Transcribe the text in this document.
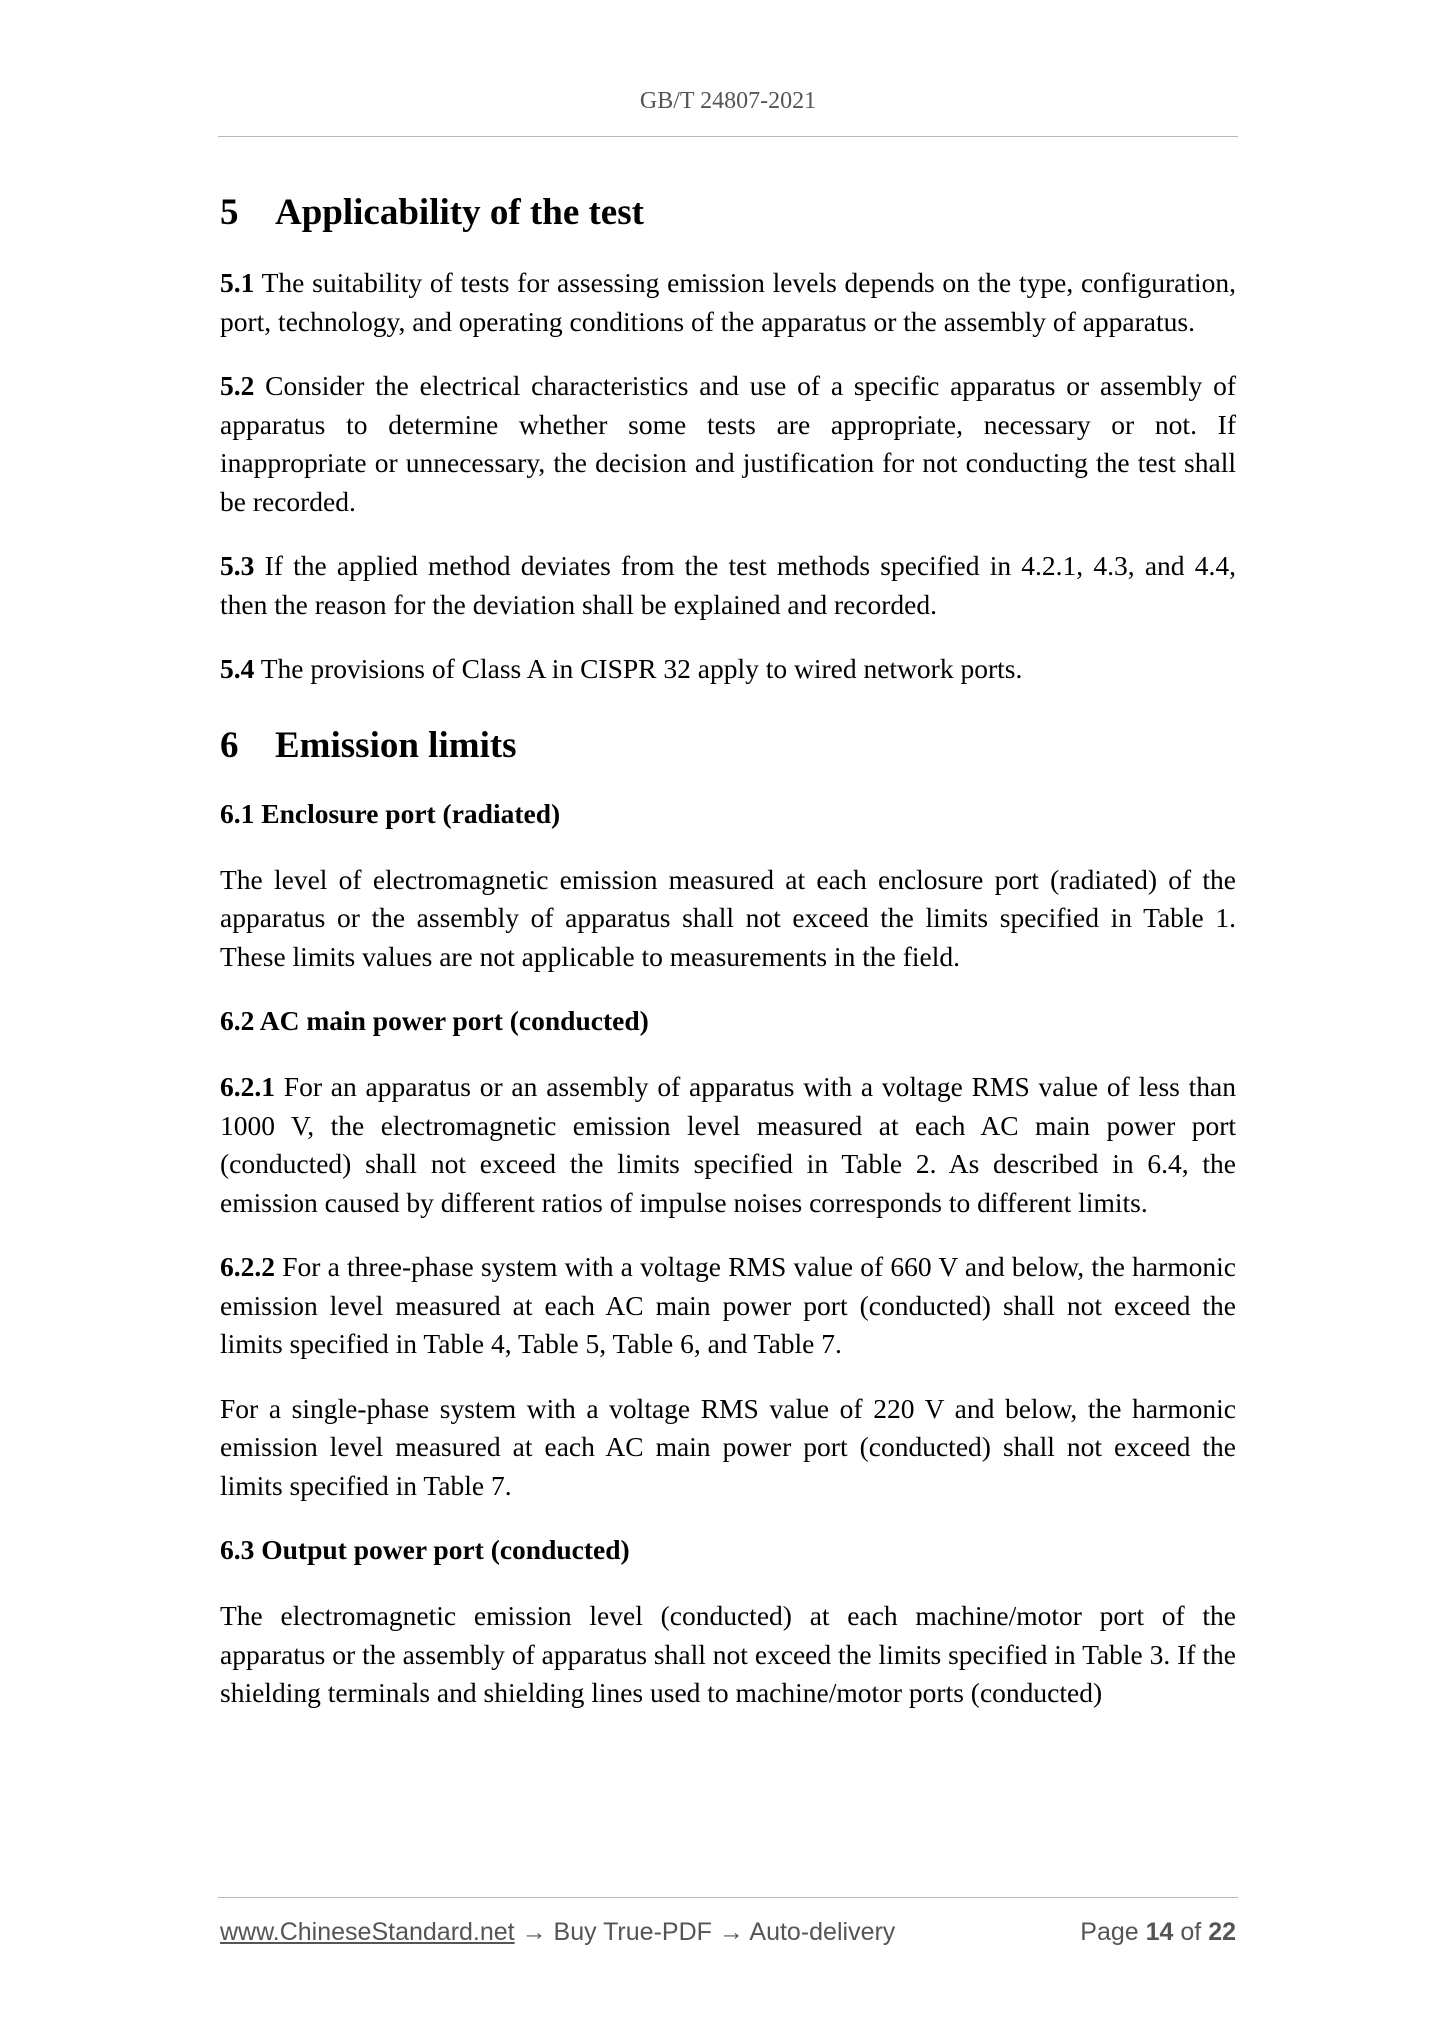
GB/T 24807-2021
5 Applicability of the test

5.1 The suitability of tests for assessing emission levels depends on the type, configuration, port, technology, and operating conditions of the apparatus or the assembly of apparatus.

5.2 Consider the electrical characteristics and use of a specific apparatus or assembly of apparatus to determine whether some tests are appropriate, necessary or not. If inappropriate or unnecessary, the decision and justification for not conducting the test shall be recorded.

5.3 If the applied method deviates from the test methods specified in 4.2.1, 4.3, and 4.4, then the reason for the deviation shall be explained and recorded.

5.4 The provisions of Class A in CISPR 32 apply to wired network ports.

6 Emission limits
6.1 Enclosure port (radiated)

The level of electromagnetic emission measured at each enclosure port (radiated) of the apparatus or the assembly of apparatus shall not exceed the limits specified in Table 1. These limits values are not applicable to measurements in the field.

6.2 AC main power port (conducted)

6.2.1 For an apparatus or an assembly of apparatus with a voltage RMS value of less than 1000 V, the electromagnetic emission level measured at each AC main power port (conducted) shall not exceed the limits specified in Table 2. As described in 6.4, the emission caused by different ratios of impulse noises corresponds to different limits.

6.2.2 For a three-phase system with a voltage RMS value of 660 V and below, the harmonic emission level measured at each AC main power port (conducted) shall not exceed the limits specified in Table 4, Table 5, Table 6, and Table 7.

For a single-phase system with a voltage RMS value of 220 V and below, the harmonic emission level measured at each AC main power port (conducted) shall not exceed the limits specified in Table 7.

6.3 Output power port (conducted)

The electromagnetic emission level (conducted) at each machine/motor port of the apparatus or the assembly of apparatus shall not exceed the limits specified in Table 3. If the shielding terminals and shielding lines used to machine/motor ports (conducted)

www.ChineseStandard.net → Buy True-PDF → Auto-delivery	Page 14 of 22
